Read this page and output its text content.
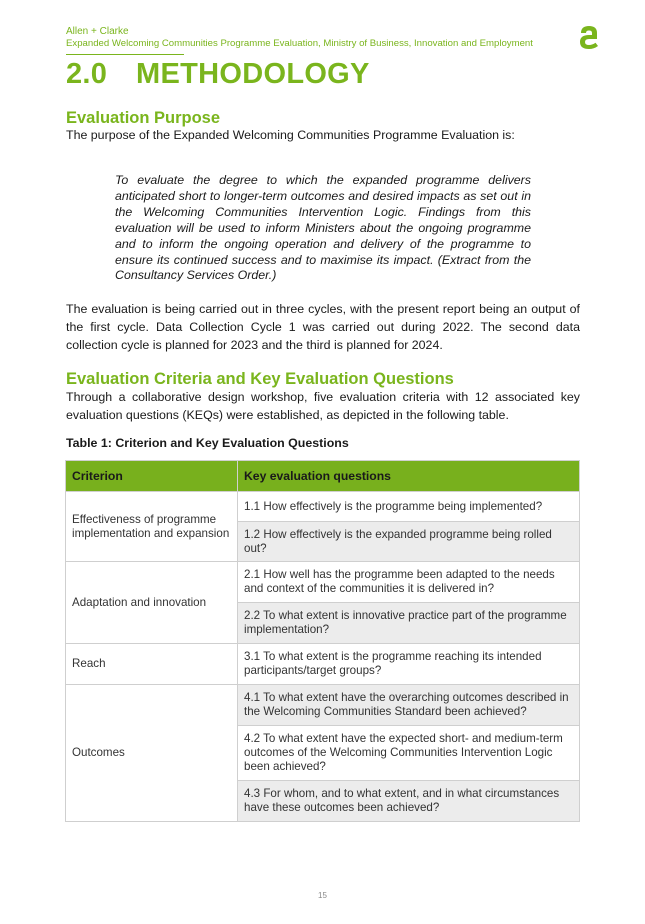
Allen + Clarke
Expanded Welcoming Communities Programme Evaluation, Ministry of Business, Innovation and Employment
2.0 METHODOLOGY
Evaluation Purpose
The purpose of the Expanded Welcoming Communities Programme Evaluation is:
To evaluate the degree to which the expanded programme delivers anticipated short to longer-term outcomes and desired impacts as set out in the Welcoming Communities Intervention Logic. Findings from this evaluation will be used to inform Ministers about the ongoing programme and to inform the ongoing operation and delivery of the programme to ensure its continued success and to maximise its impact. (Extract from the Consultancy Services Order.)
The evaluation is being carried out in three cycles, with the present report being an output of the first cycle. Data Collection Cycle 1 was carried out during 2022. The second data collection cycle is planned for 2023 and the third is planned for 2024.
Evaluation Criteria and Key Evaluation Questions
Through a collaborative design workshop, five evaluation criteria with 12 associated key evaluation questions (KEQs) were established, as depicted in the following table.
Table 1: Criterion and Key Evaluation Questions
Criterion	Key evaluation questions
Effectiveness of programme implementation and expansion	1.1 How effectively is the programme being implemented?
	1.2 How effectively is the expanded programme being rolled out?
Adaptation and innovation	2.1 How well has the programme been adapted to the needs and context of the communities it is delivered in?
	2.2 To what extent is innovative practice part of the programme implementation?
Reach	3.1 To what extent is the programme reaching its intended participants/target groups?
Outcomes	4.1 To what extent have the overarching outcomes described in the Welcoming Communities Standard been achieved?
	4.2 To what extent have the expected short- and medium-term outcomes of the Welcoming Communities Intervention Logic been achieved?
	4.3 For whom, and to what extent, and in what circumstances have these outcomes been achieved?
15
